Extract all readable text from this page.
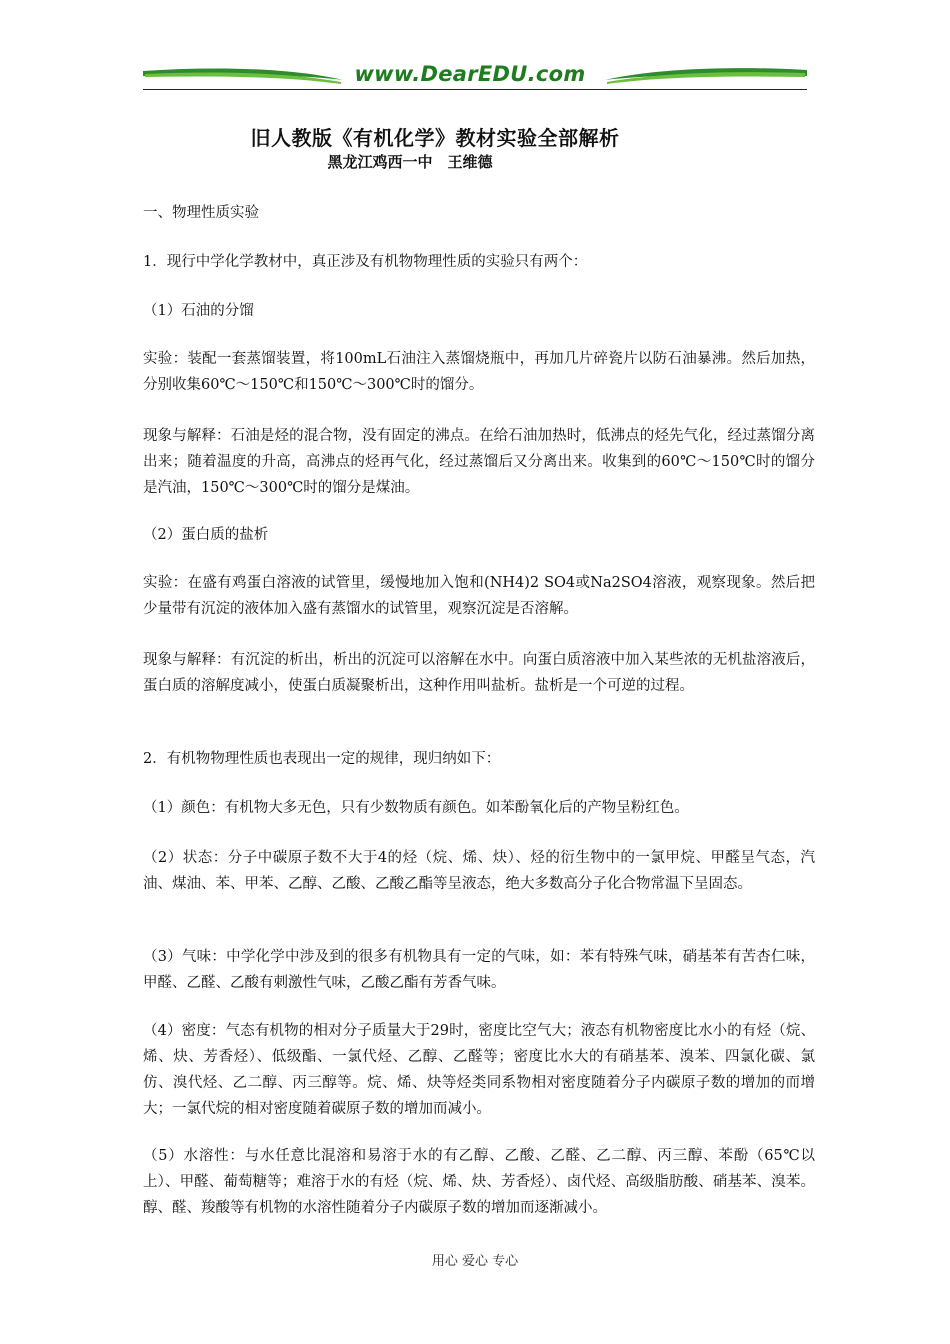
www.DearEDU.com
旧人教版《有机化学》教材实验全部解析
黑龙江鸡西一中　王维德

一、物理性质实验

1．现行中学化学教材中，真正涉及有机物物理性质的实验只有两个：

（1）石油的分馏

实验：装配一套蒸馏装置，将100mL石油注入蒸馏烧瓶中，再加几片碎瓷片以防石油暴沸。然后加热，分别收集60℃～150℃和150℃～300℃时的馏分。

现象与解释：石油是烃的混合物，没有固定的沸点。在给石油加热时，低沸点的烃先气化，经过蒸馏分离出来；随着温度的升高，高沸点的烃再气化，经过蒸馏后又分离出来。收集到的60℃～150℃时的馏分是汽油，150℃～300℃时的馏分是煤油。

（2）蛋白质的盐析

实验：在盛有鸡蛋白溶液的试管里，缓慢地加入饱和(NH4)2 SO4或Na2SO4溶液，观察现象。然后把少量带有沉淀的液体加入盛有蒸馏水的试管里，观察沉淀是否溶解。

现象与解释：有沉淀的析出，析出的沉淀可以溶解在水中。向蛋白质溶液中加入某些浓的无机盐溶液后，蛋白质的溶解度减小，使蛋白质凝聚析出，这种作用叫盐析。盐析是一个可逆的过程。

2．有机物物理性质也表现出一定的规律，现归纳如下：

（1）颜色：有机物大多无色，只有少数物质有颜色。如苯酚氧化后的产物呈粉红色。

（2）状态：分子中碳原子数不大于4的烃（烷、烯、炔）、烃的衍生物中的一氯甲烷、甲醛呈气态，汽油、煤油、苯、甲苯、乙醇、乙酸、乙酸乙酯等呈液态，绝大多数高分子化合物常温下呈固态。

（3）气味：中学化学中涉及到的很多有机物具有一定的气味，如：苯有特殊气味，硝基苯有苦杏仁味，甲醛、乙醛、乙酸有刺激性气味，乙酸乙酯有芳香气味。

（4）密度：气态有机物的相对分子质量大于29时，密度比空气大；液态有机物密度比水小的有烃（烷、烯、炔、芳香烃）、低级酯、一氯代烃、乙醇、乙醛等；密度比水大的有硝基苯、溴苯、四氯化碳、氯仿、溴代烃、乙二醇、丙三醇等。烷、烯、炔等烃类同系物相对密度随着分子内碳原子数的增加的而增大；一氯代烷的相对密度随着碳原子数的增加而减小。

（5）水溶性：与水任意比混溶和易溶于水的有乙醇、乙酸、乙醛、乙二醇、丙三醇、苯酚（65℃以上）、甲醛、葡萄糖等；难溶于水的有烃（烷、烯、炔、芳香烃）、卤代烃、高级脂肪酸、硝基苯、溴苯。醇、醛、羧酸等有机物的水溶性随着分子内碳原子数的增加而逐渐减小。

用心 爱心 专心
